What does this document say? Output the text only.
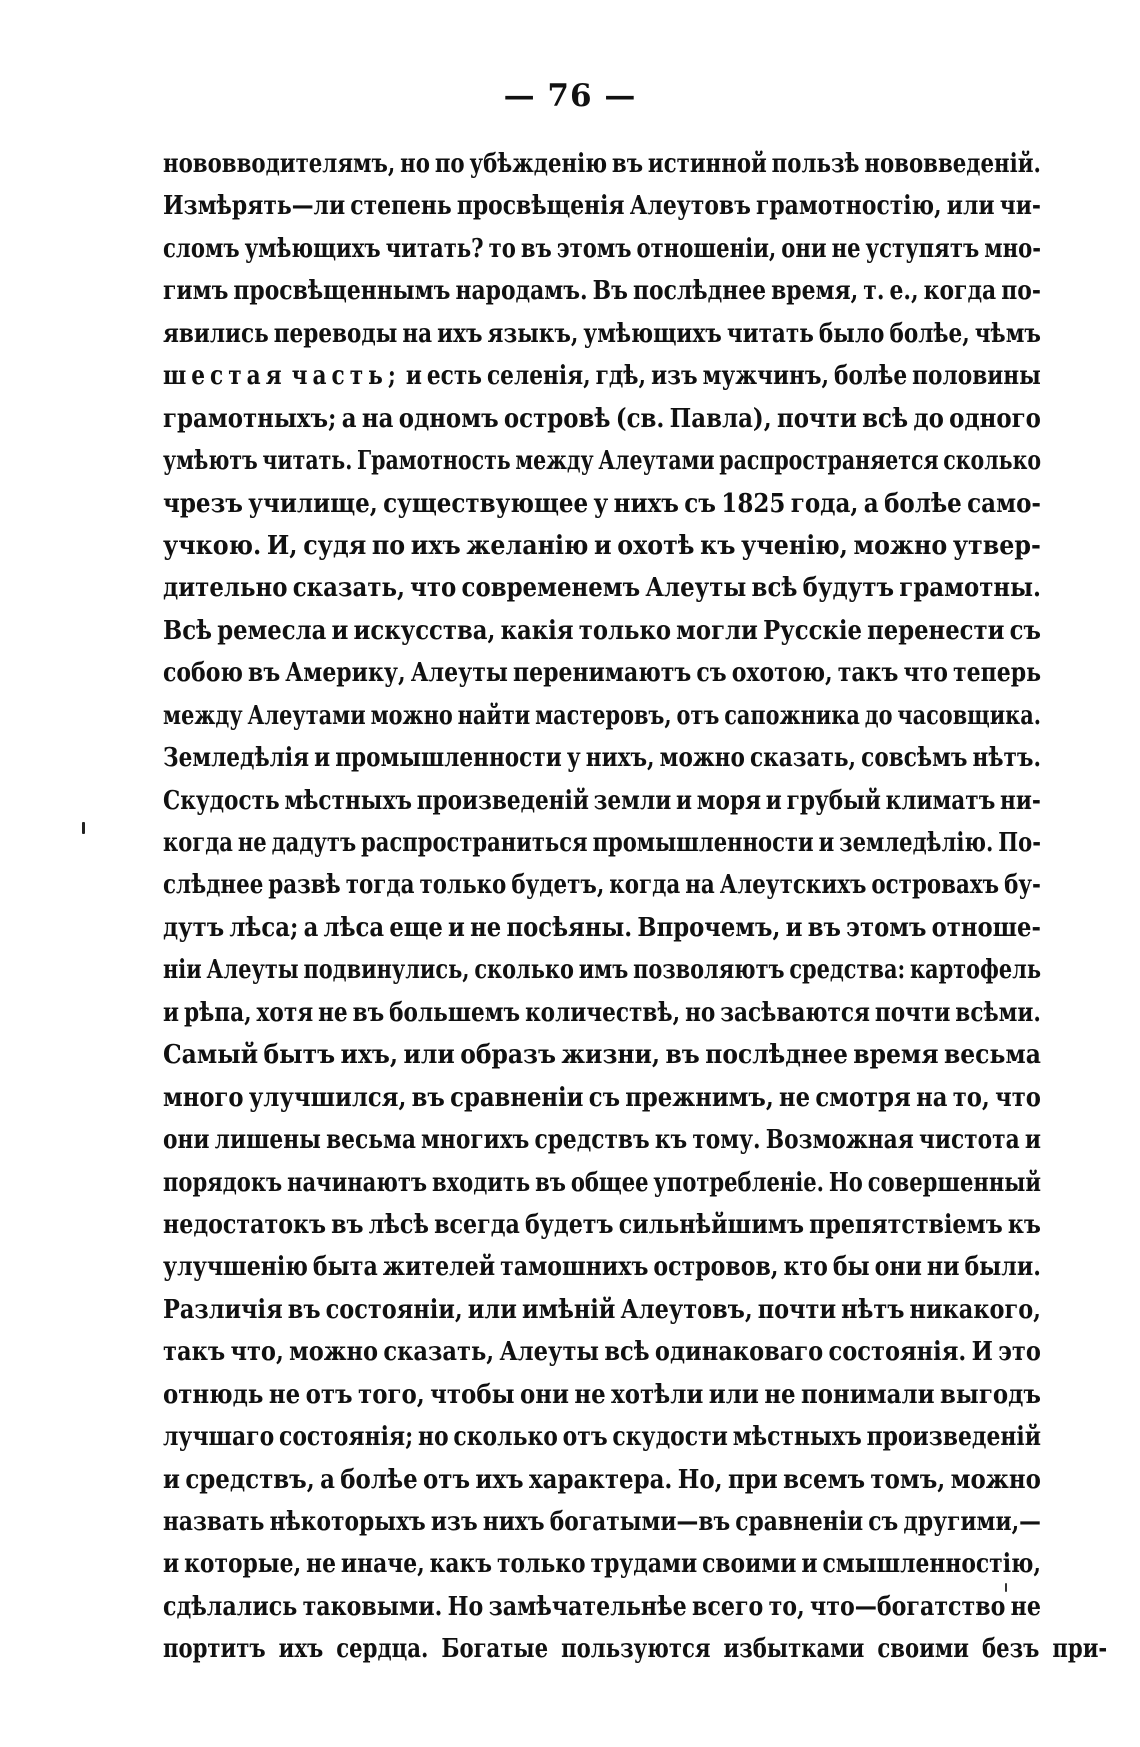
— 76 —
нововводителямъ, но по убѣжденію въ истинной пользѣ нововведеній.
Измѣрять—ли степень просвѣщенія Алеутовъ грамотностію, или чи-
сломъ умѣющихъ читать? то въ этомъ отношеніи, они не уступятъ мно-
гимъ просвѣщеннымъ народамъ. Въ послѣднее время, т. е., когда по-
явились переводы на ихъ языкъ, умѣющихъ читать было болѣе, чѣмъ
шестая часть; и есть селенія, гдѣ, изъ мужчинъ, болѣе половины
грамотныхъ; а на одномъ островѣ (св. Павла), почти всѣ до одного
умѣютъ читать. Грамотность между Алеутами распространяется сколько
чрезъ училище, существующее у нихъ съ 1825 года, а болѣе само-
учкою. И, судя по ихъ желанію и охотѣ къ ученію, можно утвер-
дительно сказать, что современемъ Алеуты всѣ будутъ грамотны.
Всѣ ремесла и искусства, какія только могли Русскіе перенести съ
собою въ Америку, Алеуты перенимаютъ съ охотою, такъ что теперь
между Алеутами можно найти мастеровъ, отъ сапожника до часовщика.
Земледѣлія и промышленности у нихъ, можно сказать, совсѣмъ нѣтъ.
Скудость мѣстныхъ произведеній земли и моря и грубый климатъ ни-
когда не дадутъ распространиться промышленности и земледѣлію. По-
слѣднее развѣ тогда только будетъ, когда на Алеутскихъ островахъ бу-
дутъ лѣса; а лѣса еще и не посѣяны. Впрочемъ, и въ этомъ отноше-
ніи Алеуты подвинулись, сколько имъ позволяютъ средства: картофель
и рѣпа, хотя не въ большемъ количествѣ, но засѣваются почти всѣми.
Самый бытъ ихъ, или образъ жизни, въ послѣднее время весьма
много улучшился, въ сравненіи съ прежнимъ, не смотря на то, что
они лишены весьма многихъ средствъ къ тому. Возможная чистота и
порядокъ начинаютъ входить въ общее употребленіе. Но совершенный
недостатокъ въ лѣсѣ всегда будетъ сильнѣйшимъ препятствіемъ къ
улучшенію быта жителей тамошнихъ островов, кто бы они ни были.
Различія въ состояніи, или имѣній Алеутовъ, почти нѣтъ никакого,
такъ что, можно сказать, Алеуты всѣ одинаковаго состоянія. И это
отнюдь не отъ того, чтобы они не хотѣли или не понимали выгодъ
лучшаго состоянія; но сколько отъ скудости мѣстныхъ произведеній
и средствъ, а болѣе отъ ихъ характера. Но, при всемъ томъ, можно
назвать нѣкоторыхъ изъ нихъ богатыми—въ сравненіи съ другими,—
и которые, не иначе, какъ только трудами своими и смышленностію,
сдѣлались таковыми. Но замѣчательнѣе всего то, что—богатство не
портитъ ихъ сердца. Богатые пользуются избытками своими безъ при-
